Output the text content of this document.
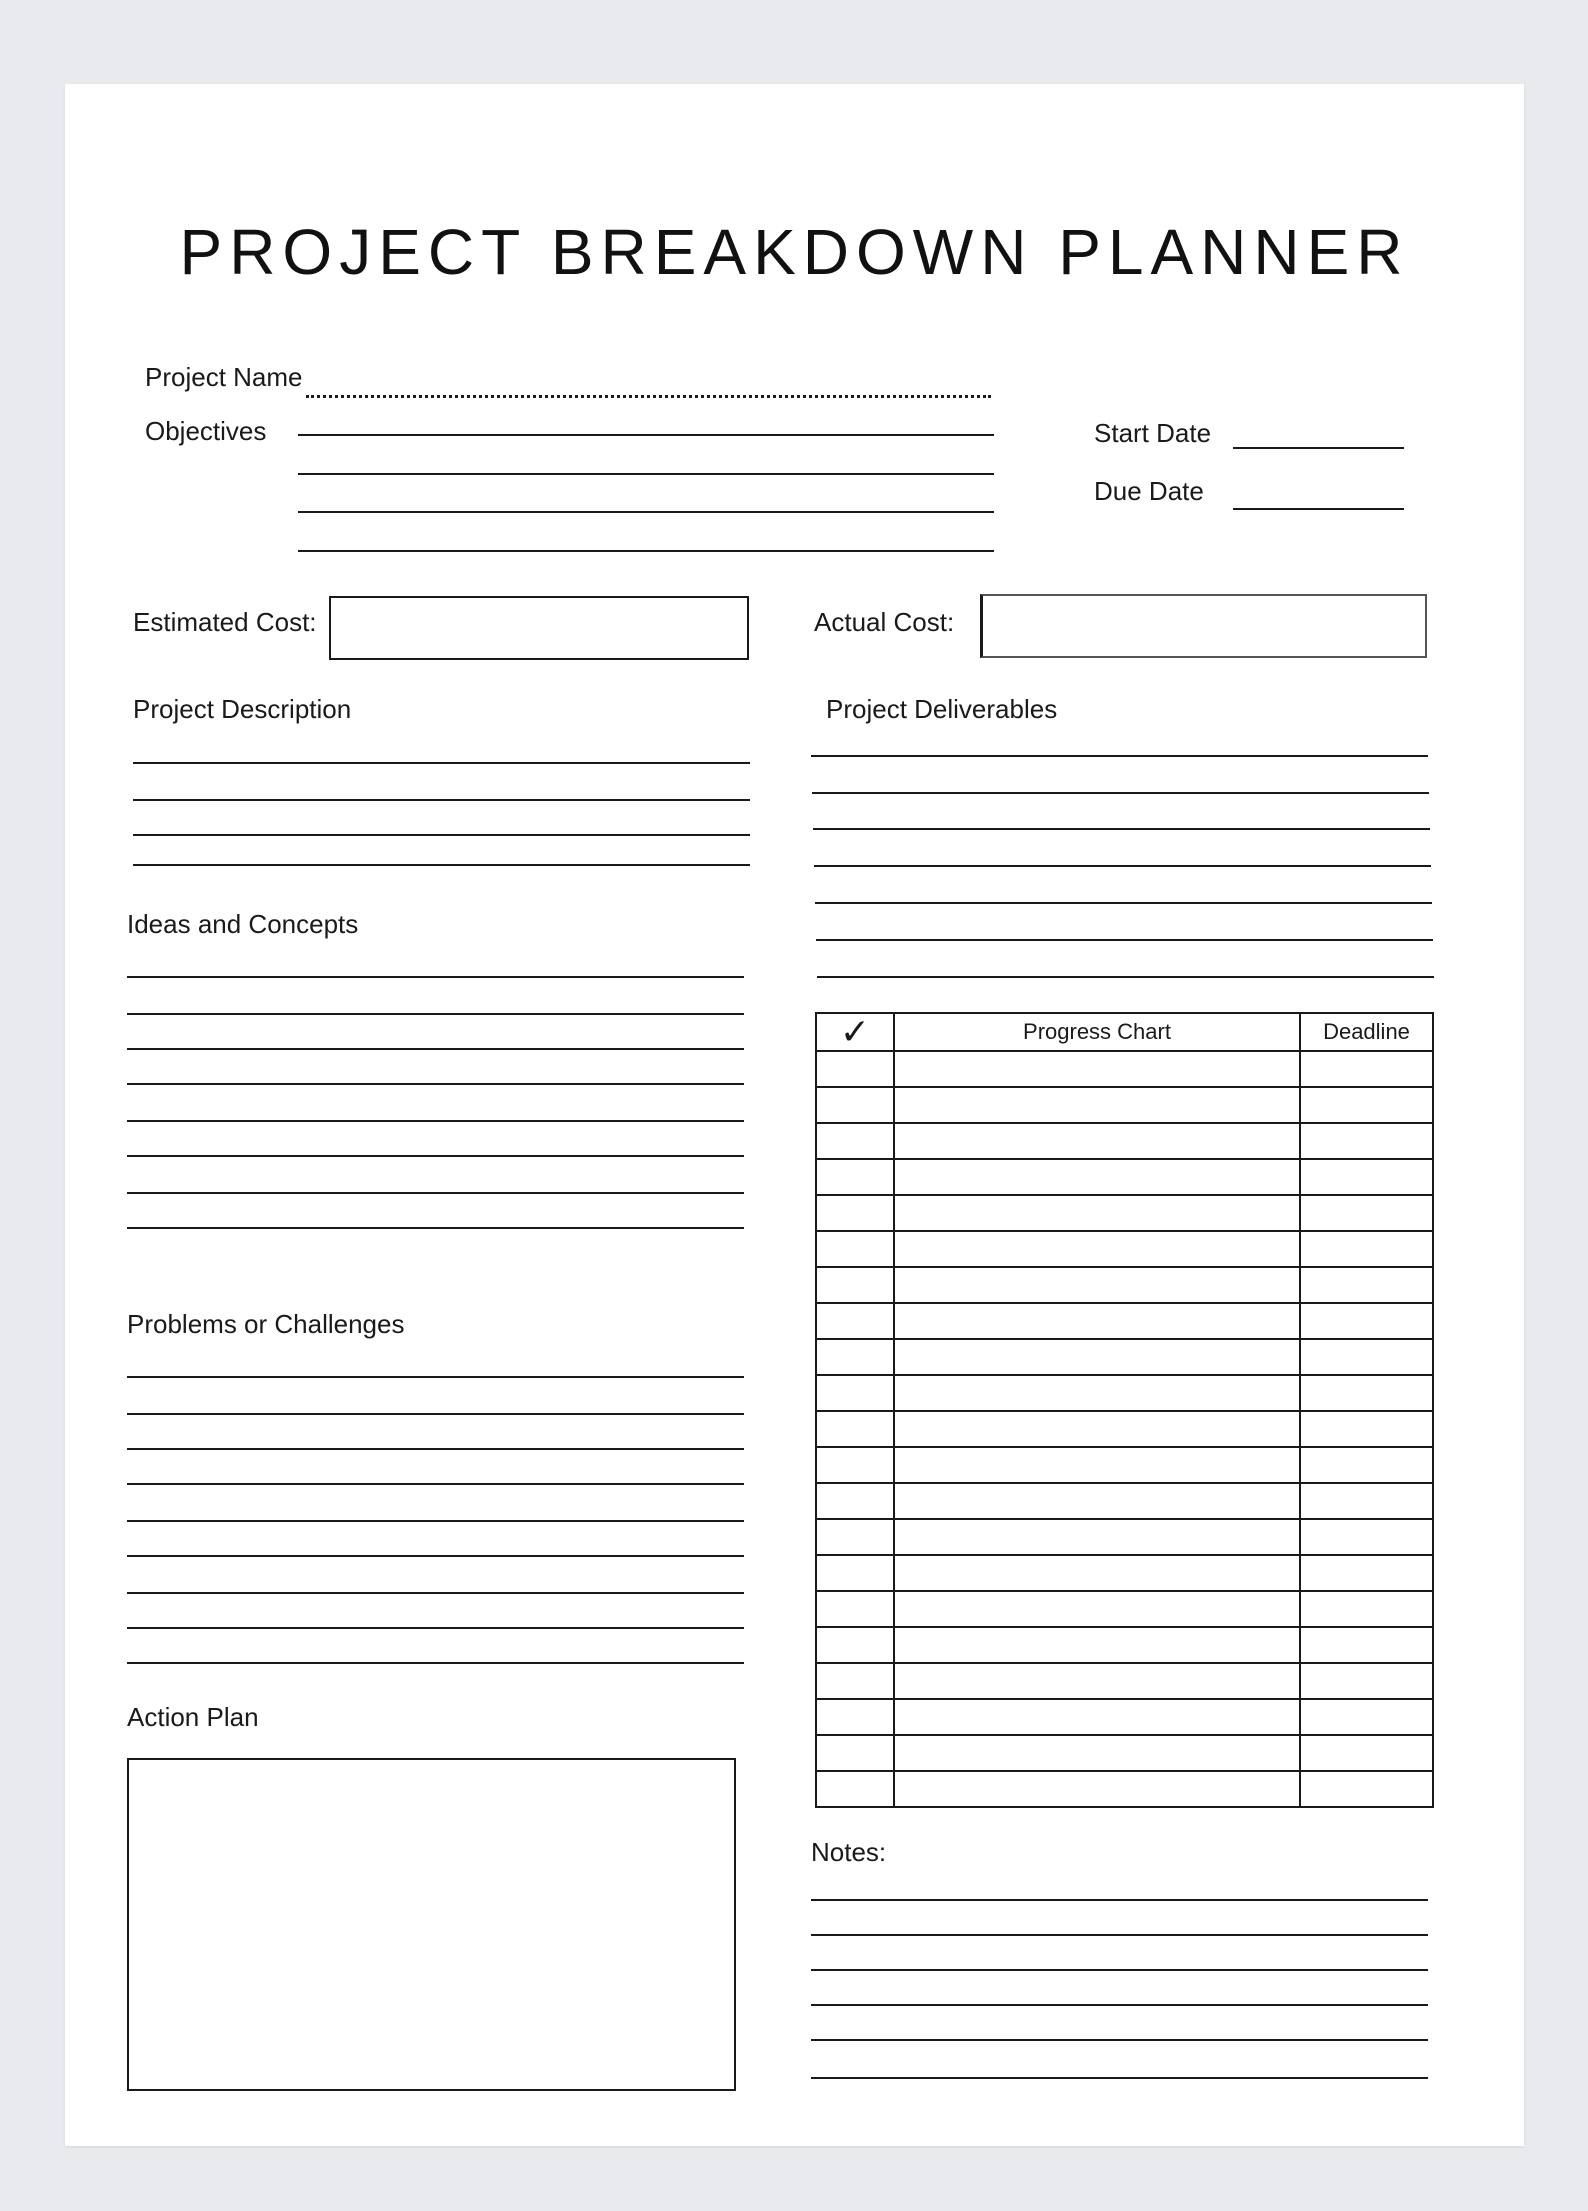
PROJECT BREAKDOWN PLANNER
Project Name
Objectives	Start Date
Due Date
Estimated Cost:	Actual Cost:
Project Description	Project Deliverables
Ideas and Concepts
Problems or Challenges
Action Plan
✓	Progress Chart	Deadline

Notes:
